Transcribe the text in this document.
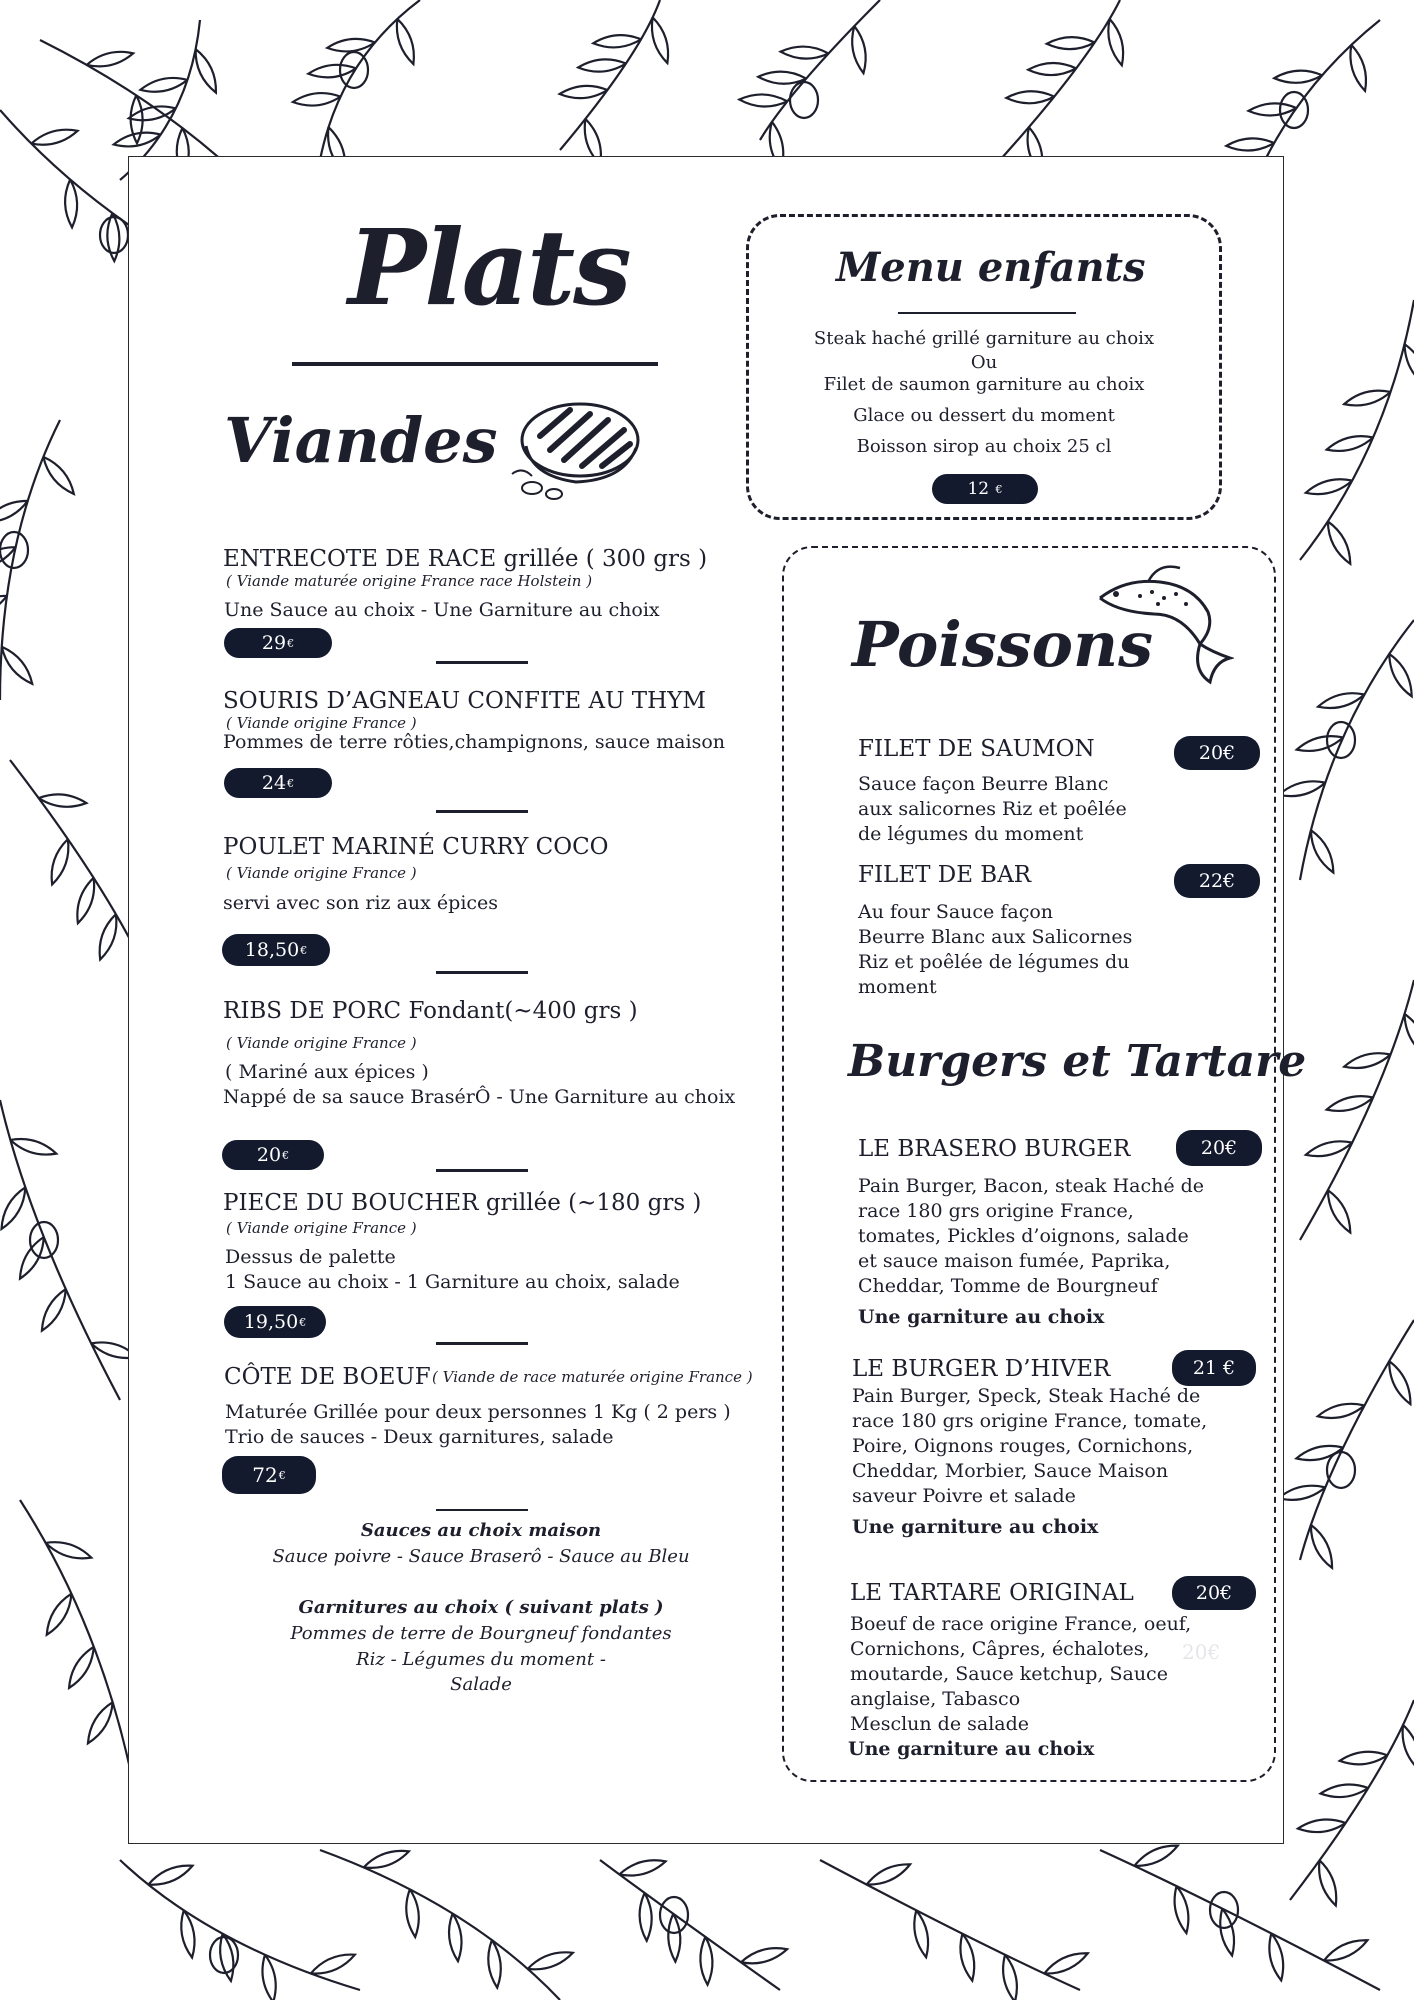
Plats
Viandes
ENTRECOTE DE RACE grillée ( 300 grs )
( Viande maturée origine France race Holstein )
Une Sauce au choix - Une Garniture au choix
29 €
SOURIS D’AGNEAU CONFITE AU THYM
( Viande origine France )
Pommes de terre rôties,champignons, sauce maison
24 €
POULET MARINÉ CURRY COCO
( Viande origine France )
servi avec son riz aux épices
18,50 €
RIBS DE PORC Fondant(~400 grs )
( Viande origine France )
( Mariné aux épices )
Nappé de sa sauce BrasérÔ - Une Garniture au choix
20 €
PIECE DU BOUCHER grillée (~180 grs )
( Viande origine France )
Dessus de palette
1 Sauce au choix - 1 Garniture au choix, salade
19,50 €
CÔTE DE BOEUF ( Viande de race maturée origine France )
Maturée Grillée pour deux personnes 1 Kg ( 2 pers )
Trio de sauces - Deux garnitures, salade
72 €
Sauces au choix maison
Sauce poivre - Sauce Braserô - Sauce au Bleu
Garnitures au choix ( suivant plats )
Pommes de terre de Bourgneuf fondantes
Riz - Légumes du moment -
Salade
Menu enfants
Steak haché grillé garniture au choix
Ou
Filet de saumon garniture au choix
Glace ou dessert du moment
Boisson sirop au choix 25 cl
12
€
Poissons
FILET DE SAUMON	20€
Sauce façon Beurre Blanc
aux salicornes Riz et poêlée
de légumes du moment
FILET DE BAR	22€
Au four Sauce façon
Beurre Blanc aux Salicornes
Riz et poêlée de légumes du
moment
Burgers et Tartare
LE BRASERO BURGER	20€
Pain Burger, Bacon, steak Haché de
race 180 grs origine France,
tomates, Pickles d’oignons, salade
et sauce maison fumée, Paprika,
Cheddar, Tomme de Bourgneuf
Une garniture au choix
LE BURGER D’HIVER	21 €
Pain Burger, Speck, Steak Haché de
race 180 grs origine France, tomate,
Poire, Oignons rouges, Cornichons,
Cheddar, Morbier, Sauce Maison
saveur Poivre et salade
Une garniture au choix
LE TARTARE ORIGINAL	20€
20€
Boeuf de race origine France, oeuf,
Cornichons, Câpres, échalotes,
moutarde, Sauce ketchup, Sauce
anglaise, Tabasco
Mesclun de salade
Une garniture au choix
